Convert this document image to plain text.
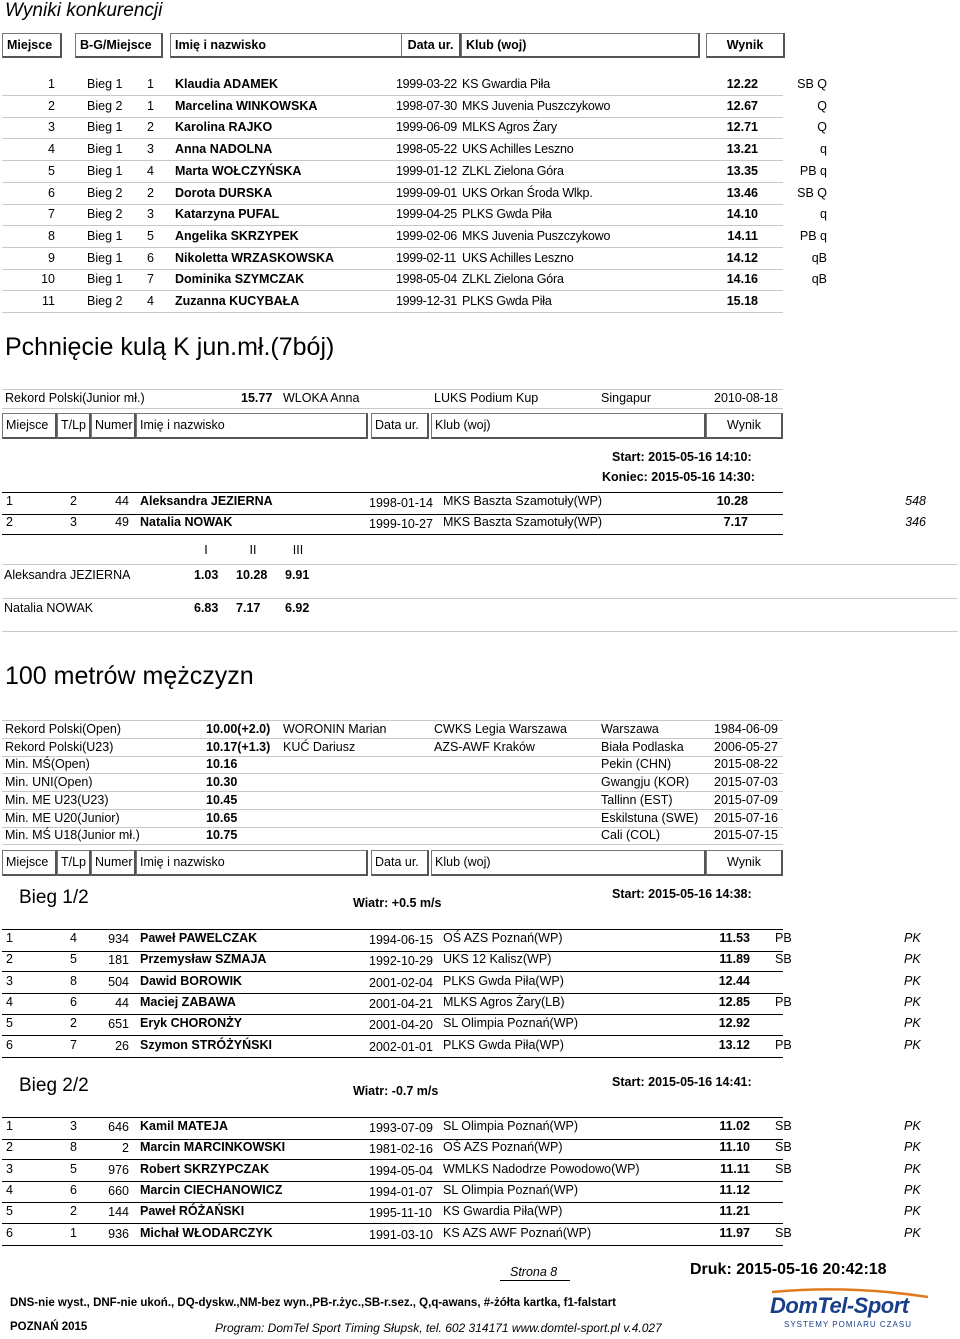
Wyniki konkurencji
Miejsce	B-G/Miejsce	Imię i nazwisko	Data ur.	Klub (woj)	Wynik
1	Bieg 1 1 Klaudia ADAMEK	1999-03-22 KS Gwardia Piła	12.22	SB Q
2	Bieg 2 1 Marcelina WINKOWSKA	1998-07-30 MKS Juvenia Puszczykowo	12.67	Q
3	Bieg 1 2 Karolina RAJKO	1999-06-09 MLKS Agros Żary	12.71	Q
4	Bieg 1 3 Anna NADOLNA	1998-05-22 UKS Achilles Leszno	13.21	q
5	Bieg 1 4 Marta WOŁCZYŃSKA	1999-01-12 ZLKL Zielona Góra	13.35	PB q
6	Bieg 2 2 Dorota DURSKA	1999-09-01 UKS Orkan Środa Wlkp.	13.46	SB Q
7	Bieg 2 3 Katarzyna PUFAL	1999-04-25 PLKS Gwda Piła	14.10	q
8	Bieg 1 5 Angelika SKRZYPEK	1999-02-06 MKS Juvenia Puszczykowo	14.11	PB q
9	Bieg 1 6 Nikoletta WRZASKOWSKA	1999-02-11 UKS Achilles Leszno	14.12	qB
10	Bieg 1 7 Dominika SZYMCZAK	1998-05-04 ZLKL Zielona Góra	14.16	qB
11	Bieg 2 4 Zuzanna KUCYBAŁA	1999-12-31 PLKS Gwda Piła	15.18
Pchnięcie kulą K jun.mł.(7bój)
Rekord Polski(Junior mł.)	15.77 WLOKA Anna	LUKS Podium Kup	Singapur	2010-08-18
Miejsce	T/Lp Numer Imię i nazwisko	Data ur.	Klub (woj)	Wynik
Start: 2015-05-16 14:10:
Koniec: 2015-05-16 14:30:
1	2	44 Aleksandra JEZIERNA	1998-01-14 MKS Baszta Szamotuły(WP)	10.28	548
2	3	49 Natalia NOWAK	1999-10-27 MKS Baszta Szamotuły(WP)	7.17	346
I	II	III
Aleksandra JEZIERNA	1.03 10.28 9.91
Natalia NOWAK	6.83 7.17 6.92
100 metrów mężczyzn
Rekord Polski(Open)	10.00(+2.0) WORONIN Marian	CWKS Legia Warszawa	Warszawa	1984-06-09
Rekord Polski(U23)	10.17(+1.3) KUĆ Dariusz	AZS-AWF Kraków	Biała Podlaska 2006-05-27
Min. MŚ(Open)	10.16	Pekin (CHN)	2015-08-22
Min. UNI(Open)	10.30	Gwangju (KOR) 2015-07-03
Min. ME U23(U23)	10.45	Tallinn (EST)	2015-07-09
Min. ME U20(Junior)	10.65	Eskilstuna (SWE) 2015-07-16
Min. MŚ U18(Junior mł.)	10.75	Cali (COL)	2015-07-15
Miejsce	T/Lp Numer Imię i nazwisko	Data ur.	Klub (woj)	Wynik
Bieg 1/2	Wiatr: +0.5 m/s
Start: 2015-05-16 14:38:
1	4	934 Paweł PAWELCZAK	1994-06-15 OŚ AZS Poznań(WP)	11.53 PB	PK
2	5	181 Przemysław SZMAJA	1992-10-29 UKS 12 Kalisz(WP)	11.89 SB	PK
3	8	504 Dawid BOROWIK	2001-02-04 PLKS Gwda Piła(WP)	12.44	PK
4	6	44 Maciej ZABAWA	2001-04-21 MLKS Agros Żary(LB)	12.85 PB	PK
5	2	651 Eryk CHORONŻY	2001-04-20 SL Olimpia Poznań(WP)	12.92	PK
6	7	26 Szymon STRÓŻYŃSKI	2002-01-01 PLKS Gwda Piła(WP)	13.12 PB	PK
Bieg 2/2	Wiatr: -0.7 m/s
Start: 2015-05-16 14:41:
1	3	646 Kamil MATEJA	1993-07-09 SL Olimpia Poznań(WP)	11.02 SB	PK
2	8	2 Marcin MARCINKOWSKI	1981-02-16 OŚ AZS Poznań(WP)	11.10 SB	PK
3	5	976 Robert SKRZYPCZAK	1994-05-04 WMLKS Nadodrze Powodowo(WP)	11.11 SB	PK
4	6	660 Marcin CIECHANOWICZ	1994-01-07 SL Olimpia Poznań(WP)	11.12	PK
5	2	144 Paweł RÓŻAŃSKI	1995-11-10 KS Gwardia Piła(WP)	11.21	PK
6	1	936 Michał WŁODARCZYK	1991-03-10 KS AZS AWF Poznań(WP)	11.97 SB	PK
Strona 8	Druk: 2015-05-16 20:42:18
DNS-nie wyst., DNF-nie ukoń., DQ-dyskw.,NM-bez wyn.,PB-r.życ.,SB-r.sez., Q,q-awans, #-żółta kartka, f1-falstart
POZNAŃ 2015	Program: DomTel Sport Timing Słupsk, tel. 602 314171 www.domtel-sport.pl v.4.027
DomTel-Sport
SYSTEMY POMIARU CZASU
